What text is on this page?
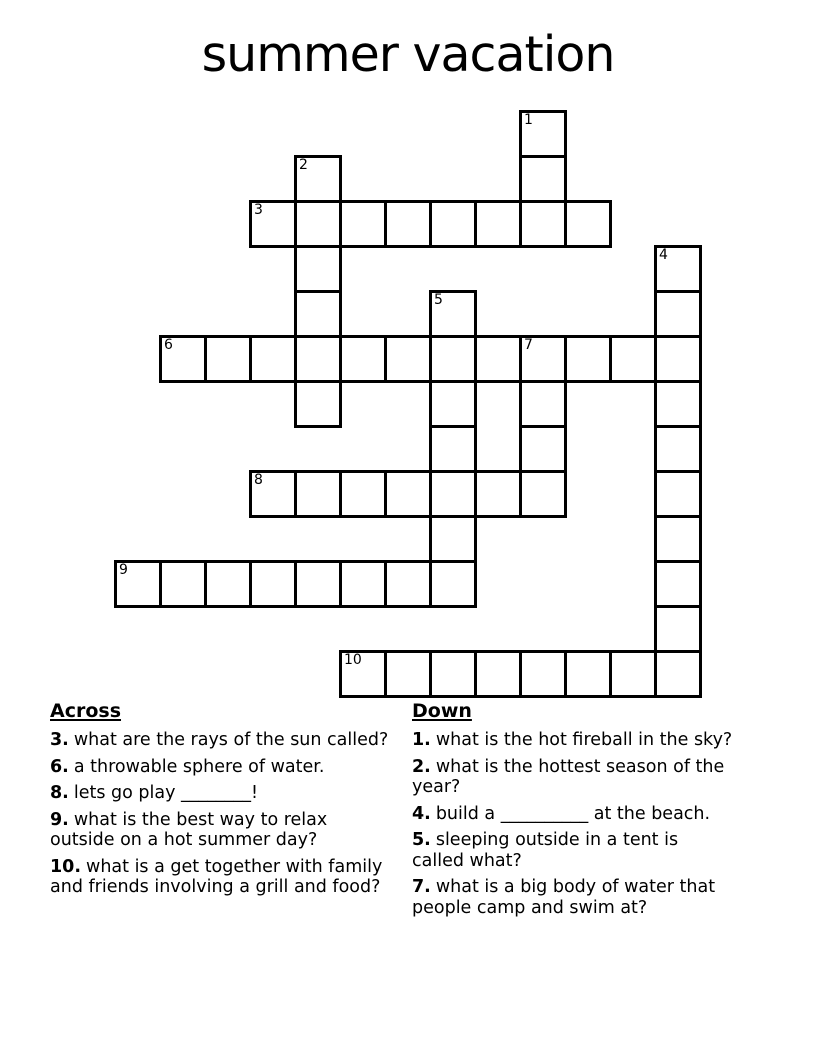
summer vacation
1
2
3
4
5
6	7
8
9
10
Across

3. what are the rays of the sun called?

6. a throwable sphere of water.

8. lets go play ________!

9. what is the best way to relax outside on a hot summer day?

10. what is a get together with family and friends involving a grill and food?

Down

1. what is the hot fireball in the sky?

2. what is the hottest season of the year?

4. build a __________ at the beach.

5. sleeping outside in a tent is called what?

7. what is a big body of water that people camp and swim at?
